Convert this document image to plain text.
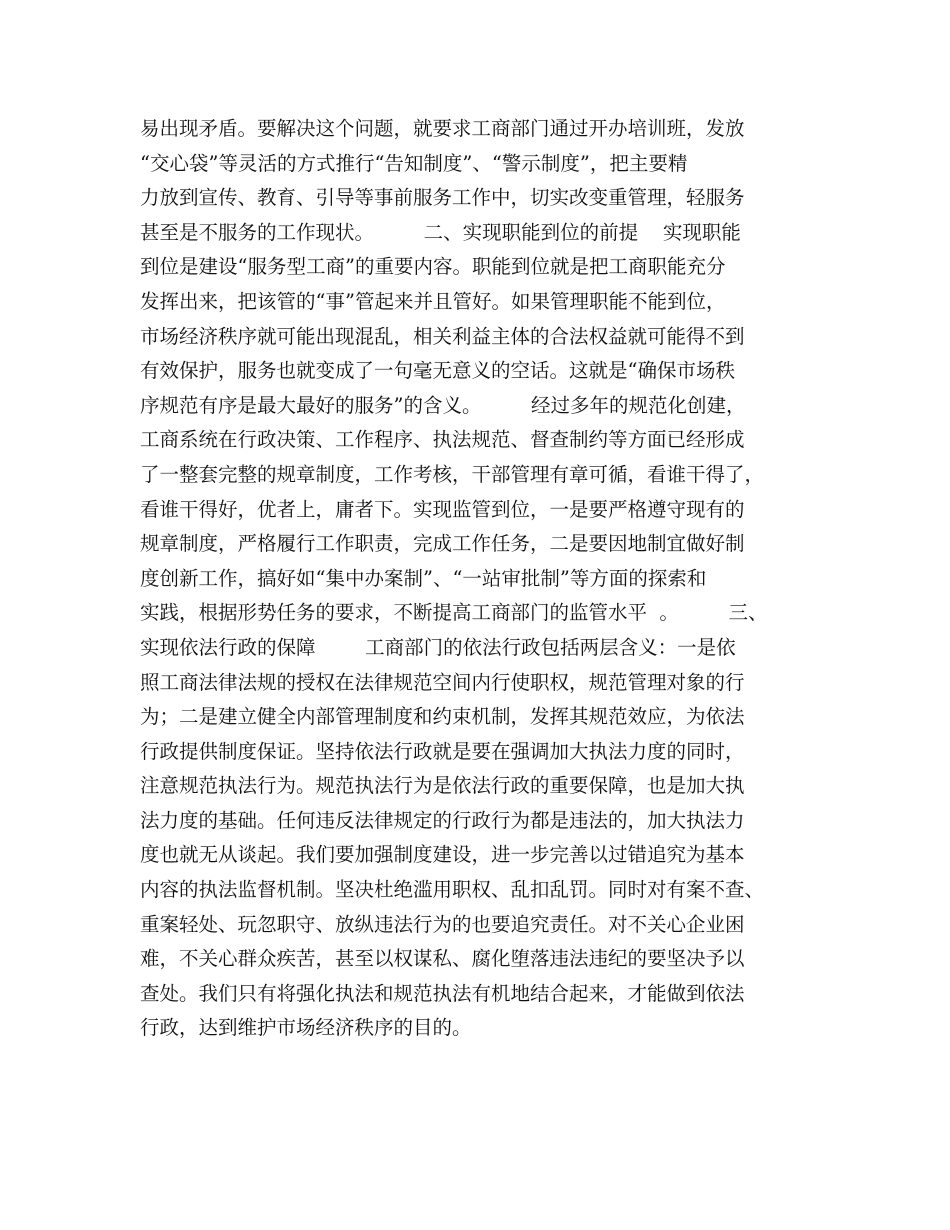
易出现矛盾。要解决这个问题，就要求工商部门通过开办培训班，发放
“交心袋”等灵活的方式推行“告知制度”、“警示制度”，把主要精
力放到宣传、教育、引导等事前服务工作中，切实改变重管理，轻服务
甚至是不服务的工作现状。        二、实现职能到位的前提    实现职能
到位是建设“服务型工商”的重要内容。职能到位就是把工商职能充分
发挥出来，把该管的“事”管起来并且管好。如果管理职能不能到位，
市场经济秩序就可能出现混乱，相关利益主体的合法权益就可能得不到
有效保护，服务也就变成了一句毫无意义的空话。这就是“确保市场秩
序规范有序是最大最好的服务”的含义。        经过多年的规范化创建，
工商系统在行政决策、工作程序、执法规范、督查制约等方面已经形成
了一整套完整的规章制度，工作考核，干部管理有章可循，看谁干得了，
看谁干得好，优者上，庸者下。实现监管到位，一是要严格遵守现有的
规章制度，严格履行工作职责，完成工作任务，二是要因地制宜做好制
度创新工作，搞好如“集中办案制”、“一站审批制”等方面的探索和
实践，根据形势任务的要求，不断提高工商部门的监管水平  。        三、
实现依法行政的保障        工商部门的依法行政包括两层含义：一是依
照工商法律法规的授权在法律规范空间内行使职权，规范管理对象的行
为；二是建立健全内部管理制度和约束机制，发挥其规范效应，为依法
行政提供制度保证。坚持依法行政就是要在强调加大执法力度的同时，
注意规范执法行为。规范执法行为是依法行政的重要保障，也是加大执
法力度的基础。任何违反法律规定的行政行为都是违法的，加大执法力
度也就无从谈起。我们要加强制度建设，进一步完善以过错追究为基本
内容的执法监督机制。坚决杜绝滥用职权、乱扣乱罚。同时对有案不查、
重案轻处、玩忽职守、放纵违法行为的也要追究责任。对不关心企业困
难，不关心群众疾苦，甚至以权谋私、腐化堕落违法违纪的要坚决予以
查处。我们只有将强化执法和规范执法有机地结合起来，才能做到依法
行政，达到维护市场经济秩序的目的。
